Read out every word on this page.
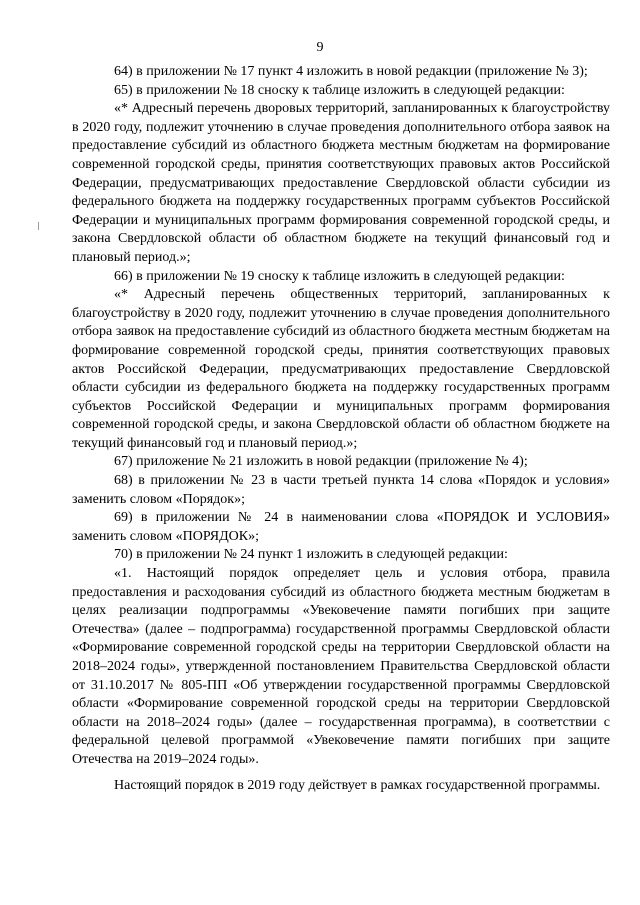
9

64) в приложении № 17 пункт 4 изложить в новой редакции (приложение № 3);

65) в приложении № 18 сноску к таблице изложить в следующей редакции:

«* Адресный перечень дворовых территорий, запланированных к благоустройству в 2020 году, подлежит уточнению в случае проведения дополнительного отбора заявок на предоставление субсидий из областного бюджета местным бюджетам на формирование современной городской среды, принятия соответствующих правовых актов Российской Федерации, предусматривающих предоставление Свердловской области субсидии из федерального бюджета на поддержку государственных программ субъектов Российской Федерации и муниципальных программ формирования современной городской среды, и закона Свердловской области об областном бюджете на текущий финансовый год и плановый период.»;

66) в приложении № 19 сноску к таблице изложить в следующей редакции:

«* Адресный перечень общественных территорий, запланированных к благоустройству в 2020 году, подлежит уточнению в случае проведения дополнительного отбора заявок на предоставление субсидий из областного бюджета местным бюджетам на формирование современной городской среды, принятия соответствующих правовых актов Российской Федерации, предусматривающих предоставление Свердловской области субсидии из федерального бюджета на поддержку государственных программ субъектов Российской Федерации и муниципальных программ формирования современной городской среды, и закона Свердловской области об областном бюджете на текущий финансовый год и плановый период.»;

67) приложение № 21 изложить в новой редакции (приложение № 4);

68) в приложении № 23 в части третьей пункта 14 слова «Порядок и условия» заменить словом «Порядок»;

69) в приложении № 24 в наименовании слова «ПОРЯДОК И УСЛОВИЯ» заменить словом «ПОРЯДОК»;

70) в приложении № 24 пункт 1 изложить в следующей редакции:

«1. Настоящий порядок определяет цель и условия отбора, правила предоставления и расходования субсидий из областного бюджета местным бюджетам в целях реализации подпрограммы «Увековечение памяти погибших при защите Отечества» (далее – подпрограмма) государственной программы Свердловской области «Формирование современной городской среды на территории Свердловской области на 2018–2024 годы», утвержденной постановлением Правительства Свердловской области от 31.10.2017 № 805-ПП «Об утверждении государственной программы Свердловской области «Формирование современной городской среды на территории Свердловской области на 2018–2024 годы» (далее – государственная программа), в соответствии с федеральной целевой программой «Увековечение памяти погибших при защите Отечества на 2019–2024 годы».

Настоящий порядок в 2019 году действует в рамках государственной программы.
